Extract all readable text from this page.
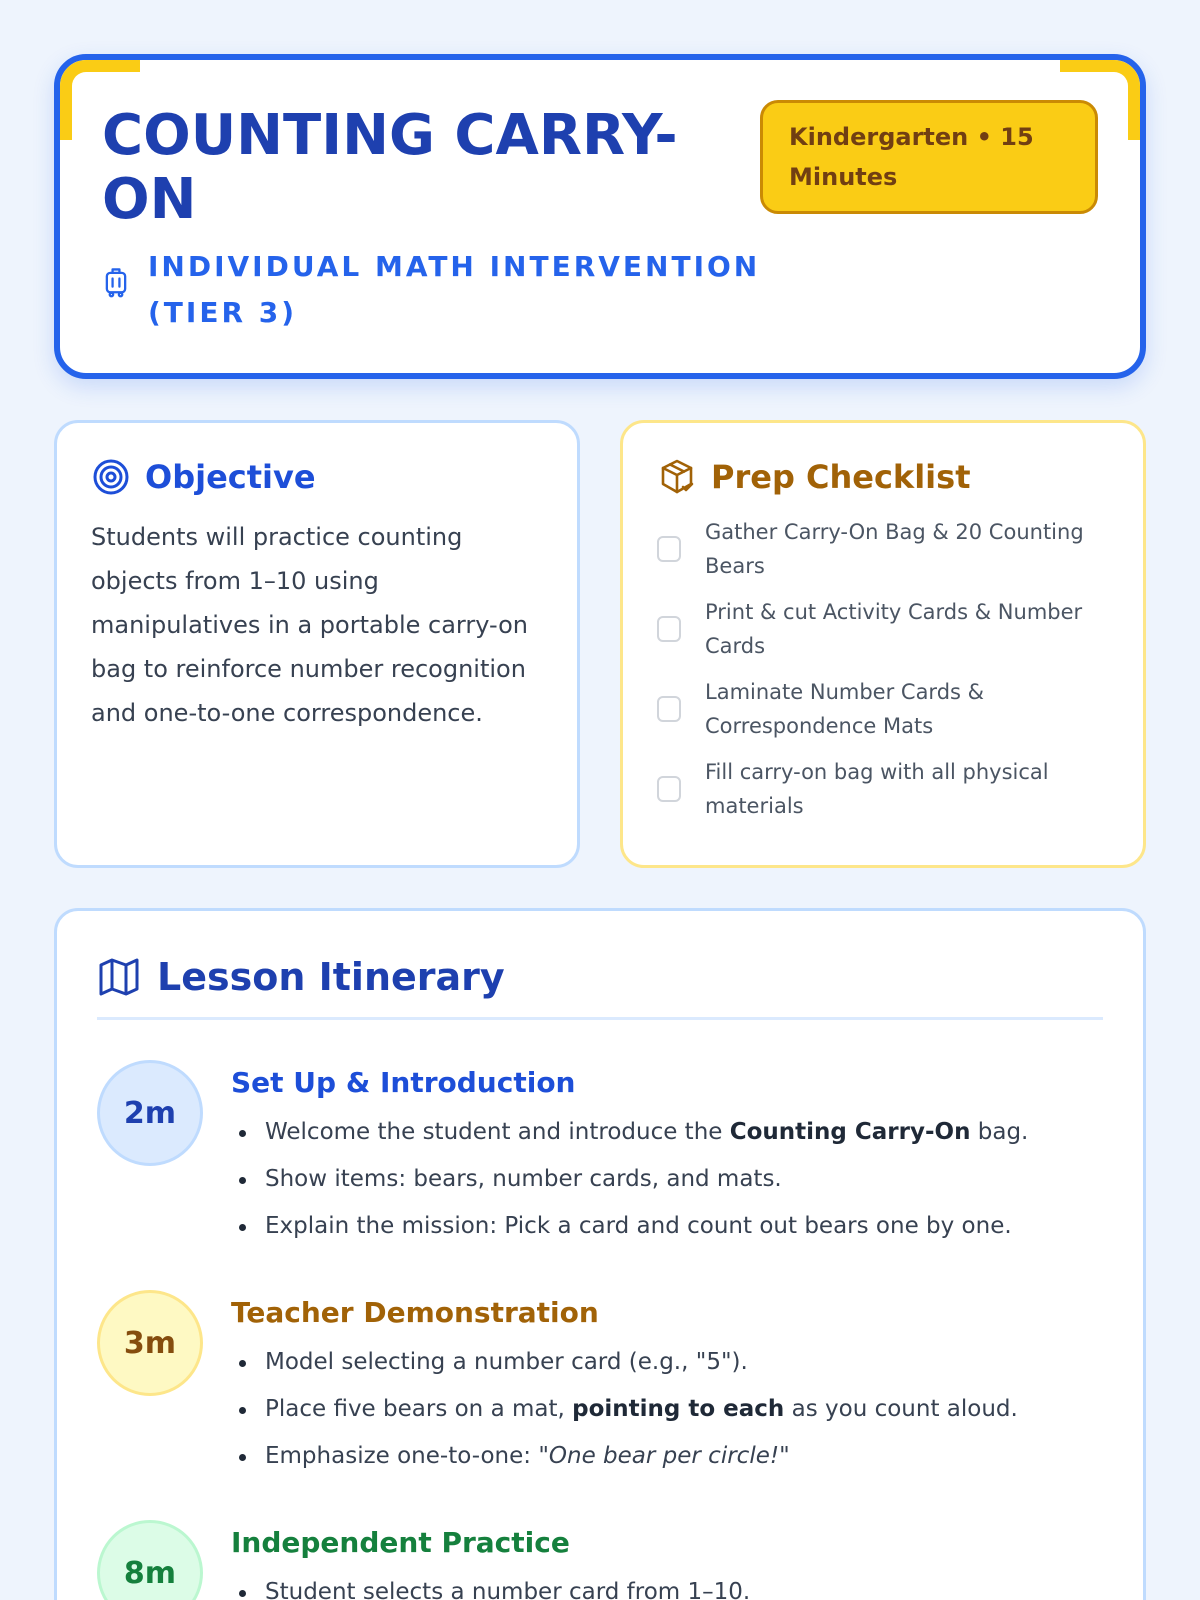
COUNTING CARRY-ON
INDIVIDUAL MATH INTERVENTION (TIER 3)
Kindergarten • 15 Minutes
Objective

Students will practice counting objects from 1–10 using manipulatives in a portable carry-on bag to reinforce number recognition and one-to-one correspondence.

Prep Checklist
Gather Carry-On Bag & 20 Counting Bears
Print & cut Activity Cards & Number Cards
Laminate Number Cards & Correspondence Mats
Fill carry-on bag with all physical materials
Lesson Itinerary
2m
Set Up & Introduction
Welcome the student and introduce the Counting Carry-On bag.
Show items: bears, number cards, and mats.
Explain the mission: Pick a card and count out bears one by one.
3m
Teacher Demonstration
Model selecting a number card (e.g., "5").
Place five bears on a mat, pointing to each as you count aloud.
Emphasize one-to-one: "One bear per circle!"
8m
Independent Practice
Student selects a number card from 1–10.
